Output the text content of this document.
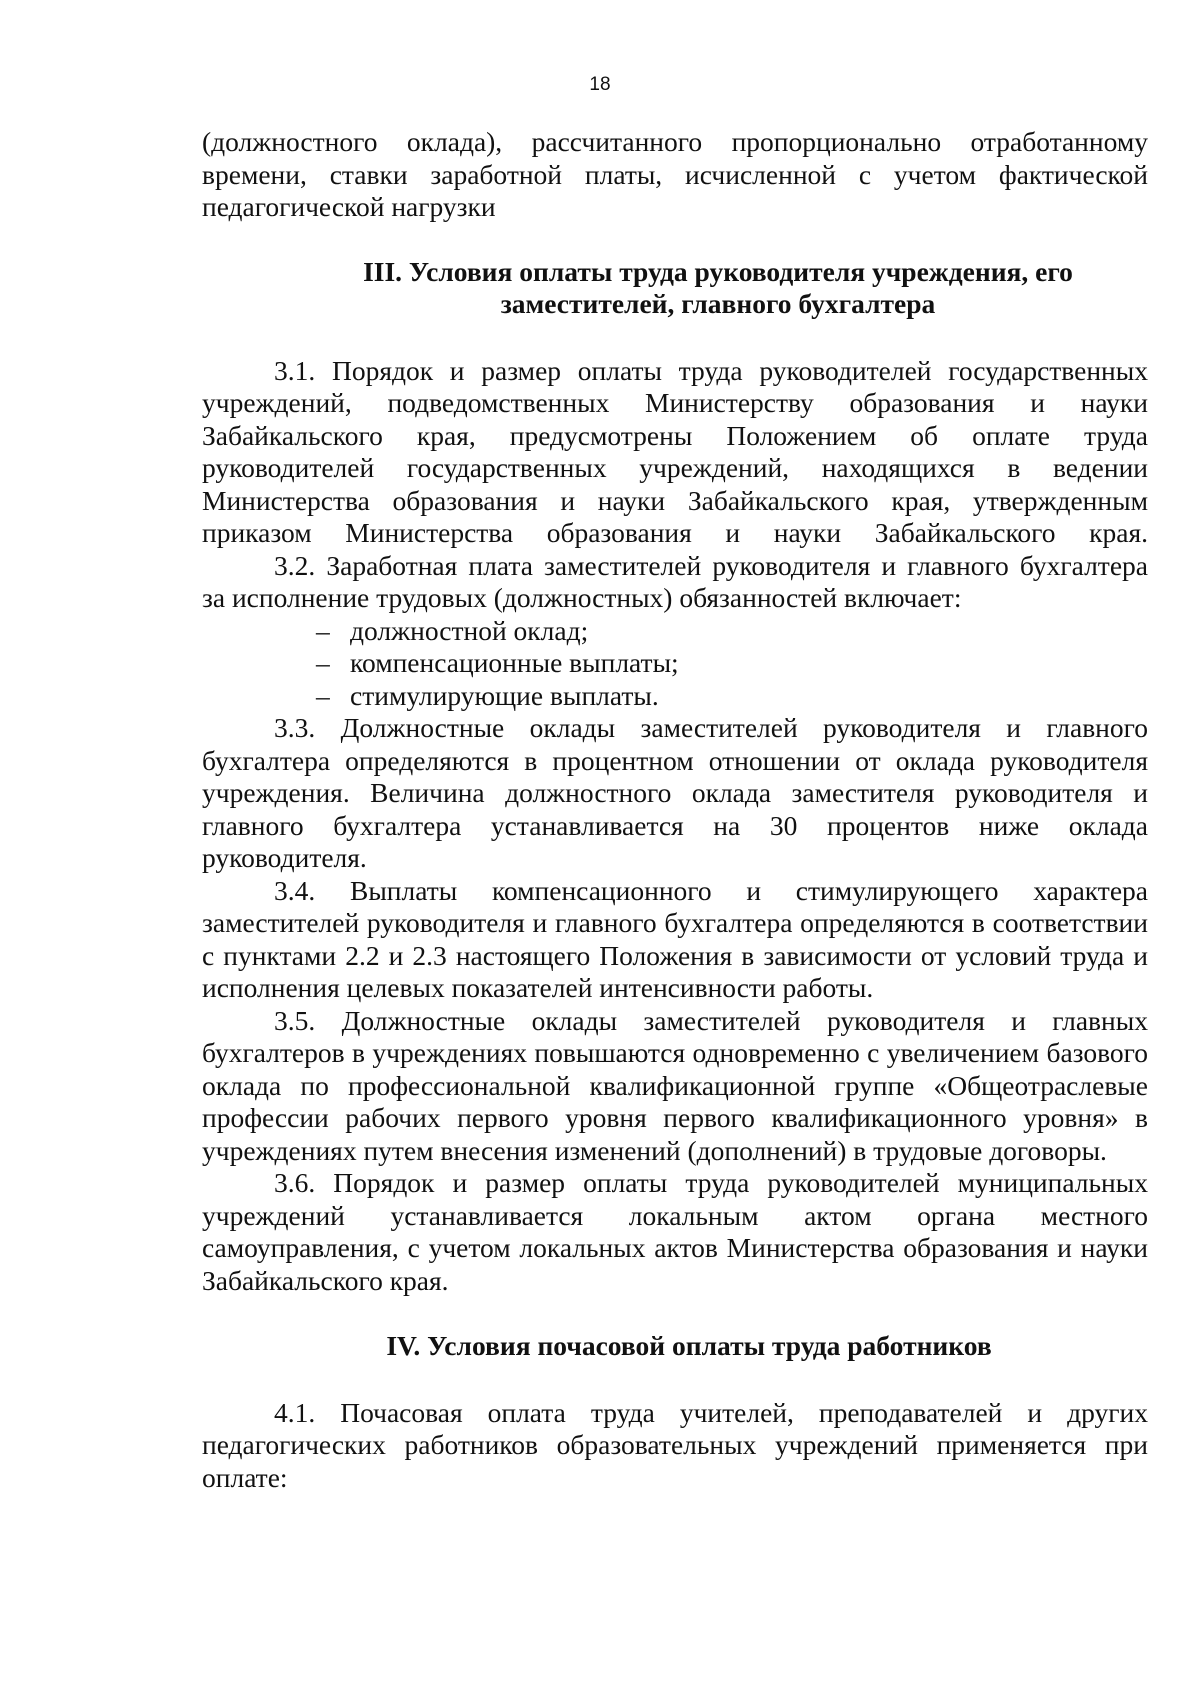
18

(должностного оклада), рассчитанного пропорционально отработанному времени, ставки заработной платы, исчисленной с учетом фактической педагогической нагрузки

III. Условия оплаты труда руководителя учреждения, его
заместителей, главного бухгалтера

3.1. Порядок и размер оплаты труда руководителей государственных учреждений, подведомственных Министерству образования и науки Забайкальского края, предусмотрены Положением об оплате труда руководителей государственных учреждений, находящихся в ведении Министерства образования и науки Забайкальского края, утвержденным приказом Министерства образования и науки Забайкальского края.

3.2. Заработная плата заместителей руководителя и главного бухгалтера за исполнение трудовых (должностных) обязанностей включает:

– должностной оклад;
– компенсационные выплаты;
– стимулирующие выплаты.

3.3. Должностные оклады заместителей руководителя и главного бухгалтера определяются в процентном отношении от оклада руководителя учреждения. Величина должностного оклада заместителя руководителя и главного бухгалтера устанавливается на 30 процентов ниже оклада руководителя.

3.4. Выплаты компенсационного и стимулирующего характера заместителей руководителя и главного бухгалтера определяются в соответствии с пунктами 2.2 и 2.3 настоящего Положения в зависимости от условий труда и исполнения целевых показателей интенсивности работы.

3.5. Должностные оклады заместителей руководителя и главных бухгалтеров в учреждениях повышаются одновременно с увеличением базового оклада по профессиональной квалификационной группе «Общеотраслевые профессии рабочих первого уровня первого квалификационного уровня» в учреждениях путем внесения изменений (дополнений) в трудовые договоры.

3.6. Порядок и размер оплаты труда руководителей муниципальных учреждений устанавливается локальным актом органа местного самоуправления, с учетом локальных актов Министерства образования и науки Забайкальского края.

IV. Условия почасовой оплаты труда работников

4.1. Почасовая оплата труда учителей, преподавателей и других педагогических работников образовательных учреждений применяется при оплате:
